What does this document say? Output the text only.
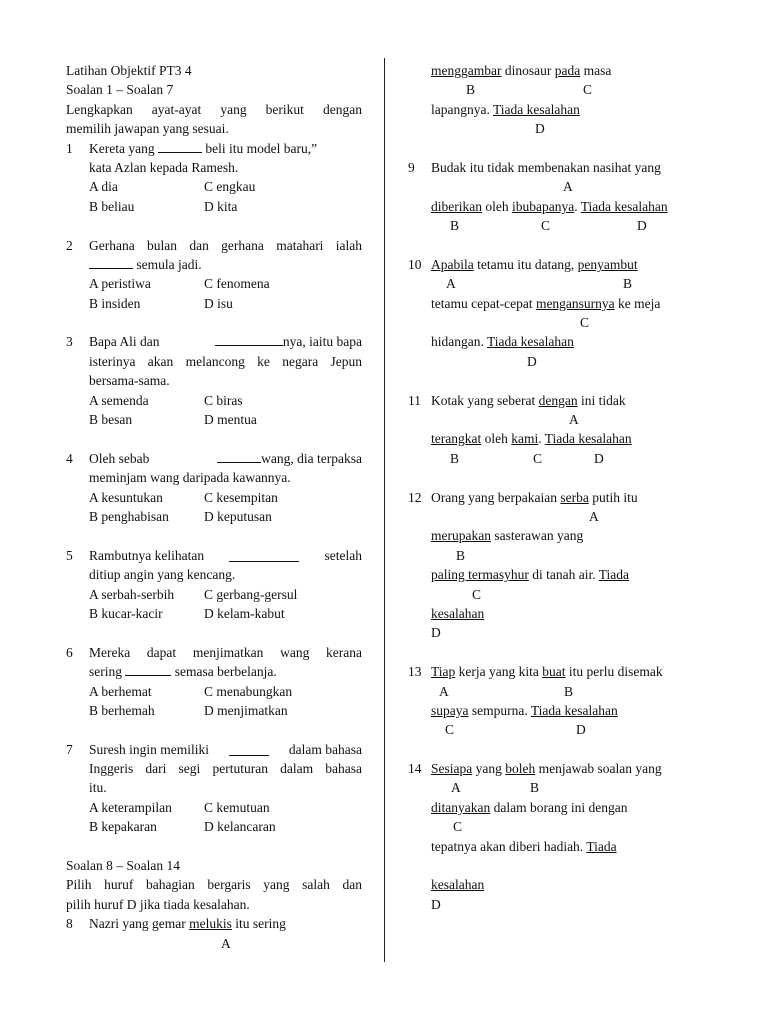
Latihan Objektif PT3 4
Soalan 1 – Soalan 7
Lengkapkan ayat-ayat yang berikut dengan
memilih jawapan yang sesuai.
1 Kereta yang	beli itu model baru,”
kata Azlan kepada Ramesh.
A dia	C engkau
B beliau	D kita
2 Gerhana bulan dan gerhana matahari ialah
semula jadi.
A peristiwa	C fenomena
B insiden	D isu
3 Bapa Ali dan	nya, iaitu bapa
isterinya akan melancong ke negara Jepun
bersama-sama.
A semenda	C biras
B besan	D mentua
4 Oleh sebab	wang, dia terpaksa
meminjam wang daripada kawannya.
A kesuntukan	C kesempitan
B penghabisan	D keputusan
5 Rambutnya kelihatan	setelah
ditiup angin yang kencang.
A serbah-serbih C gerbang-gersul
B kucar-kacir	D kelam-kabut
6 Mereka dapat menjimatkan wang kerana
sering	semasa berbelanja.
A berhemat	C menabungkan
B berhemah	D menjimatkan
7 Suresh ingin memiliki	dalam bahasa
Inggeris dari segi pertuturan dalam bahasa
itu.
A keterampilan C kemutuan
B kepakaran	D kelancaran
Soalan 8 – Soalan 14
Pilih huruf bahagian bergaris yang salah dan
pilih huruf D jika tiada kesalahan.
8 Nazri yang gemar melukis itu sering
A
menggambar dinosaur pada masa
B	C
lapangnya. Tiada kesalahan
D
9 Budak itu tidak membenakan nasihat yang
A
diberikan oleh ibubapanya. Tiada kesalahan
B	C	D
10 Apabila tetamu itu datang, penyambut
A	B
tetamu cepat-cepat mengansurnya ke meja
C
hidangan. Tiada kesalahan
D
11 Kotak yang seberat dengan ini tidak
A
terangkat oleh kami. Tiada kesalahan
B	C	D
12 Orang yang berpakaian serba putih itu
A
merupakan sasterawan yang
B
paling termasyhur di tanah air. Tiada
C
kesalahan
D
13 Tiap kerja yang kita buat itu perlu disemak
A	B
supaya sempurna. Tiada kesalahan
C	D
14 Sesiapa yang boleh menjawab soalan yang
A	B
ditanyakan dalam borang ini dengan
C
tepatnya akan diberi hadiah. Tiada
kesalahan
D
